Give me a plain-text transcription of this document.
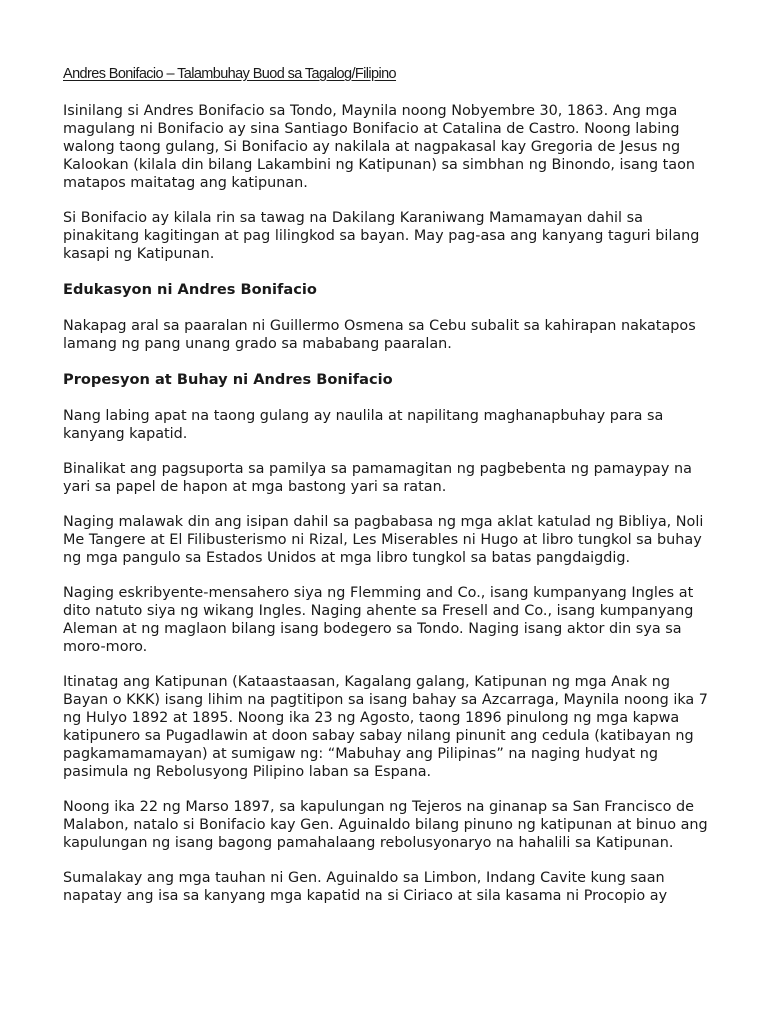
Andres Bonifacio – Talambuhay Buod sa Tagalog/Filipino

Isinilang si Andres Bonifacio sa Tondo, Maynila noong Nobyembre 30, 1863. Ang mga magulang ni Bonifacio ay sina Santiago Bonifacio at Catalina de Castro. Noong labing walong taong gulang, Si Bonifacio ay nakilala at nagpakasal kay Gregoria de Jesus ng Kalookan (kilala din bilang Lakambini ng Katipunan) sa simbhan ng Binondo, isang taon matapos maitatag ang katipunan.

Si Bonifacio ay kilala rin sa tawag na Dakilang Karaniwang Mamamayan dahil sa pinakitang kagitingan at pag lilingkod sa bayan. May pag-asa ang kanyang taguri bilang kasapi ng Katipunan.

Edukasyon ni Andres Bonifacio

Nakapag aral sa paaralan ni Guillermo Osmena sa Cebu subalit sa kahirapan nakatapos lamang ng pang unang grado sa mababang paaralan.

Propesyon at Buhay ni Andres Bonifacio

Nang labing apat na taong gulang ay naulila at napilitang maghanapbuhay para sa kanyang kapatid.

Binalikat ang pagsuporta sa pamilya sa pamamagitan ng pagbebenta ng pamaypay na yari sa papel de hapon at mga bastong yari sa ratan.

Naging malawak din ang isipan dahil sa pagbabasa ng mga aklat katulad ng Bibliya, Noli Me Tangere at El Filibusterismo ni Rizal, Les Miserables ni Hugo at libro tungkol sa buhay ng mga pangulo sa Estados Unidos at mga libro tungkol sa batas pangdaigdig.

Naging eskribyente-mensahero siya ng Flemming and Co., isang kumpanyang Ingles at dito natuto siya ng wikang Ingles. Naging ahente sa Fresell and Co., isang kumpanyang Aleman at ng maglaon bilang isang bodegero sa Tondo. Naging isang aktor din sya sa moro-moro.

Itinatag ang Katipunan (Kataastaasan, Kagalang galang, Katipunan ng mga Anak ng Bayan o KKK) isang lihim na pagtitipon sa isang bahay sa Azcarraga, Maynila noong ika 7 ng Hulyo 1892 at 1895. Noong ika 23 ng Agosto, taong 1896 pinulong ng mga kapwa katipunero sa Pugadlawin at doon sabay sabay nilang pinunit ang cedula (katibayan ng pagkamamamayan) at sumigaw ng: “Mabuhay ang Pilipinas” na naging hudyat ng pasimula ng Rebolusyong Pilipino laban sa Espana.

Noong ika 22 ng Marso 1897, sa kapulungan ng Tejeros na ginanap sa San Francisco de Malabon, natalo si Bonifacio kay Gen. Aguinaldo bilang pinuno ng katipunan at binuo ang kapulungan ng isang bagong pamahalaang rebolusyonaryo na hahalili sa Katipunan.

Sumalakay ang mga tauhan ni Gen. Aguinaldo sa Limbon, Indang Cavite kung saan napatay ang isa sa kanyang mga kapatid na si Ciriaco at sila kasama ni Procopio ay
